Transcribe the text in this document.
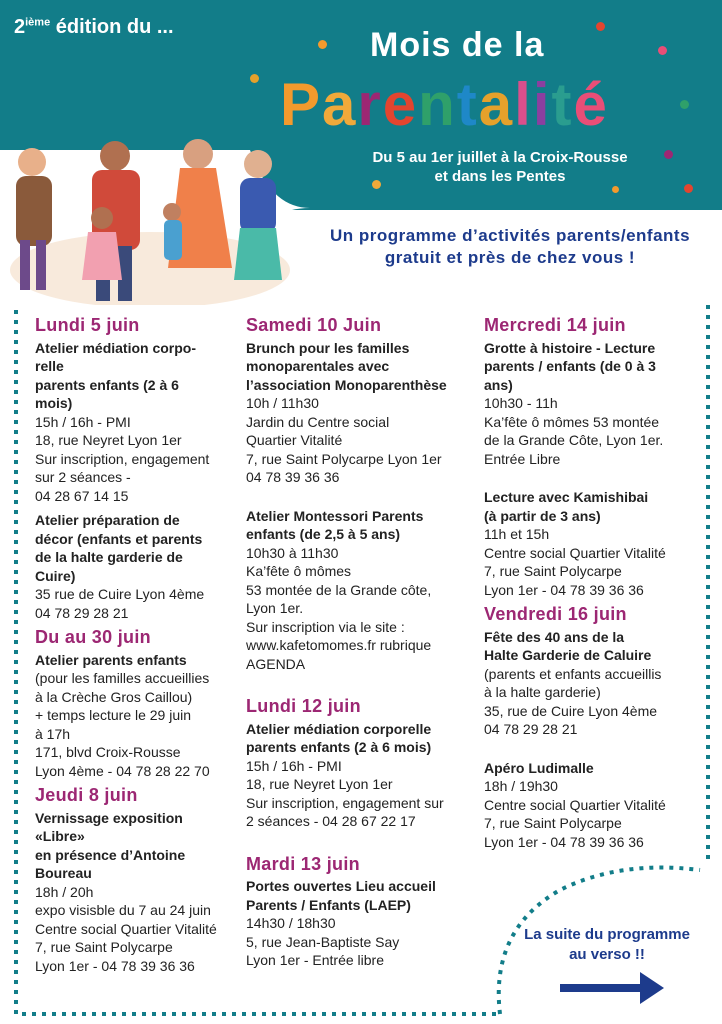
2ième édition du ...	Mois de la
Parentalité
Du 5 au 1er juillet à la Croix-Rousse
et dans les Pentes
Un programme d’activités parents/enfants
gratuit et près de chez vous !
Lundi 5 juin
Atelier médiation corpo-
relle
parents enfants (2 à 6
mois)
15h / 16h - PMI
18, rue Neyret Lyon 1er
Sur inscription, engagement
sur 2 séances -
04 28 67 14 15
Atelier préparation de
décor (enfants et parents
de la halte garderie de
Cuire)
35 rue de Cuire Lyon 4ème
04 78 29 28 21
Du au 30 juin
Atelier parents enfants
(pour les familles accueillies
à la Crèche Gros Caillou)
+ temps lecture le 29 juin
à 17h
171, blvd Croix-Rousse
Lyon 4ème - 04 78 28 22 70
Jeudi 8 juin
Vernissage exposition
«Libre»
en présence d’Antoine
Boureau
18h / 20h
expo visisble du 7 au 24 juin
Centre social Quartier Vitalité
7, rue Saint Polycarpe
Lyon 1er - 04 78 39 36 36
Samedi 10 Juin
Brunch pour les familles
monoparentales avec
l’association Monoparenthèse
10h / 11h30
Jardin du Centre social
Quartier Vitalité
7, rue Saint Polycarpe Lyon 1er
04 78 39 36 36
Atelier Montessori Parents
enfants (de 2,5 à 5 ans)
10h30 à 11h30
Ka’fête ô mômes
53 montée de la Grande côte,
Lyon 1er.
Sur inscription via le site :
www.kafetomomes.fr rubrique
AGENDA
Lundi 12 juin
Atelier médiation corporelle
parents enfants (2 à 6 mois)
15h / 16h - PMI
18, rue Neyret Lyon 1er
Sur inscription, engagement sur
2 séances - 04 28 67 22 17
Mardi 13 juin
Portes ouvertes Lieu accueil
Parents / Enfants (LAEP)
14h30 / 18h30
5, rue Jean-Baptiste Say
Lyon 1er - Entrée libre
Mercredi 14 juin
Grotte à histoire - Lecture
parents / enfants (de 0 à 3
ans)
10h30 - 11h
Ka’fête ô mômes 53 montée
de la Grande Côte, Lyon 1er.
Entrée Libre
Lecture avec Kamishibai
(à partir de 3 ans)
11h et 15h
Centre social Quartier Vitalité
7, rue Saint Polycarpe
Lyon 1er - 04 78 39 36 36
Vendredi 16 juin
Fête des 40 ans de la
Halte Garderie de Caluire
(parents et enfants accueillis
à la halte garderie)
35, rue de Cuire Lyon 4ème
04 78 29 28 21
Apéro Ludimalle
18h / 19h30
Centre social Quartier Vitalité
7, rue Saint Polycarpe
Lyon 1er - 04 78 39 36 36
La suite du programme
au verso !!
